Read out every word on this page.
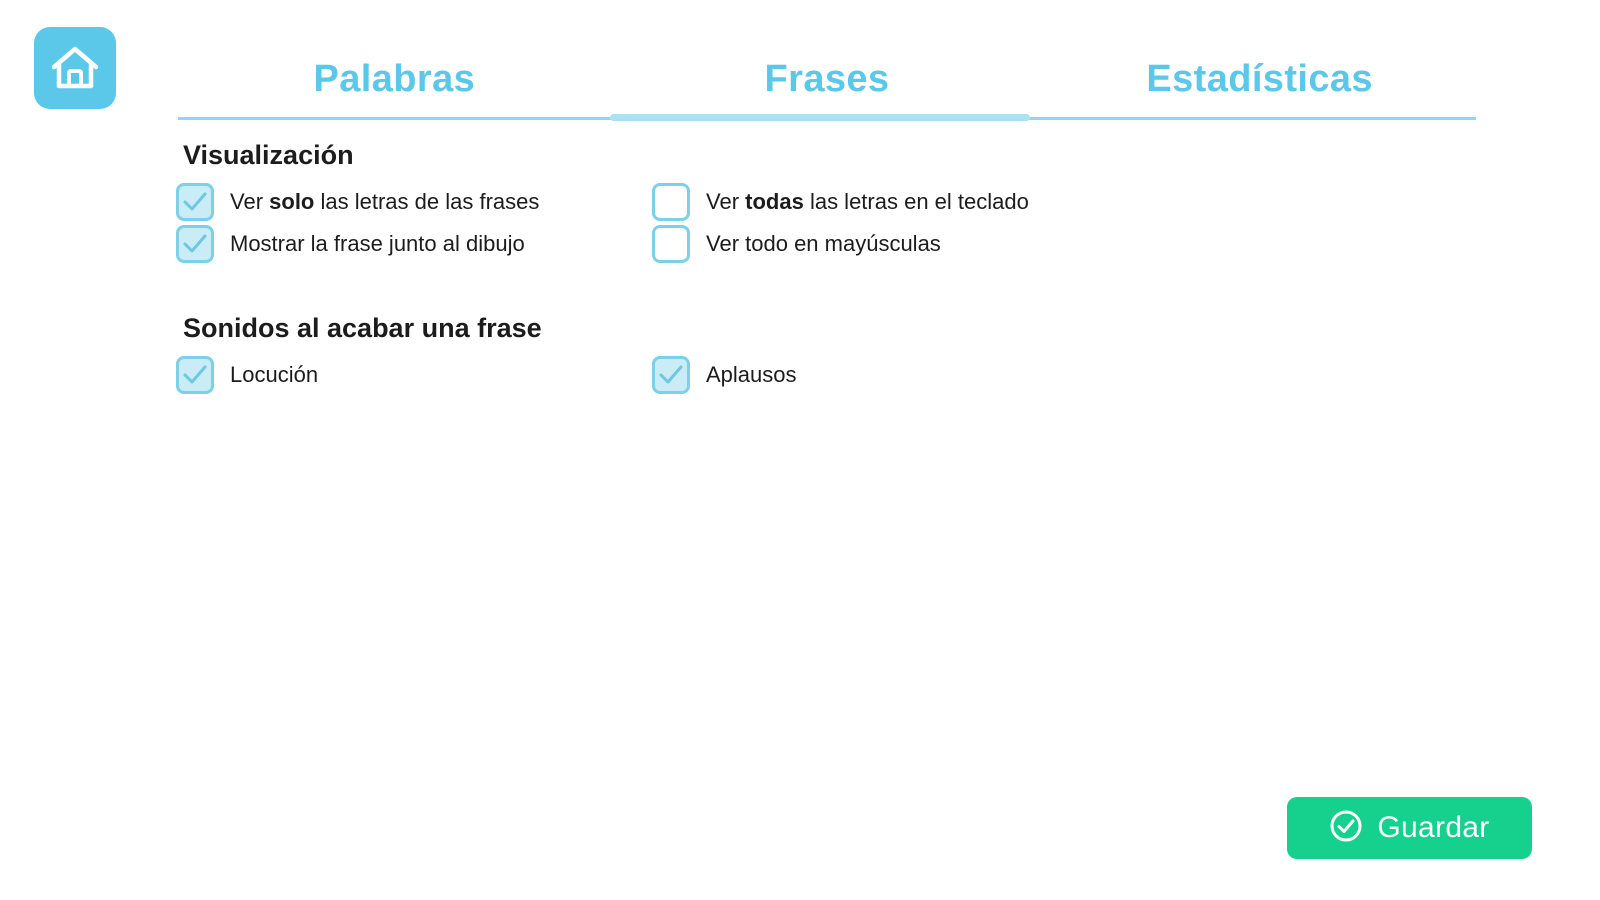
Palabras	Frases	Estadísticas
Visualización
Ver solo las letras de las frases	Ver todas las letras en el teclado
Mostrar la frase junto al dibujo	Ver todo en mayúsculas
Sonidos al acabar una frase
Locución	Aplausos
Guardar
